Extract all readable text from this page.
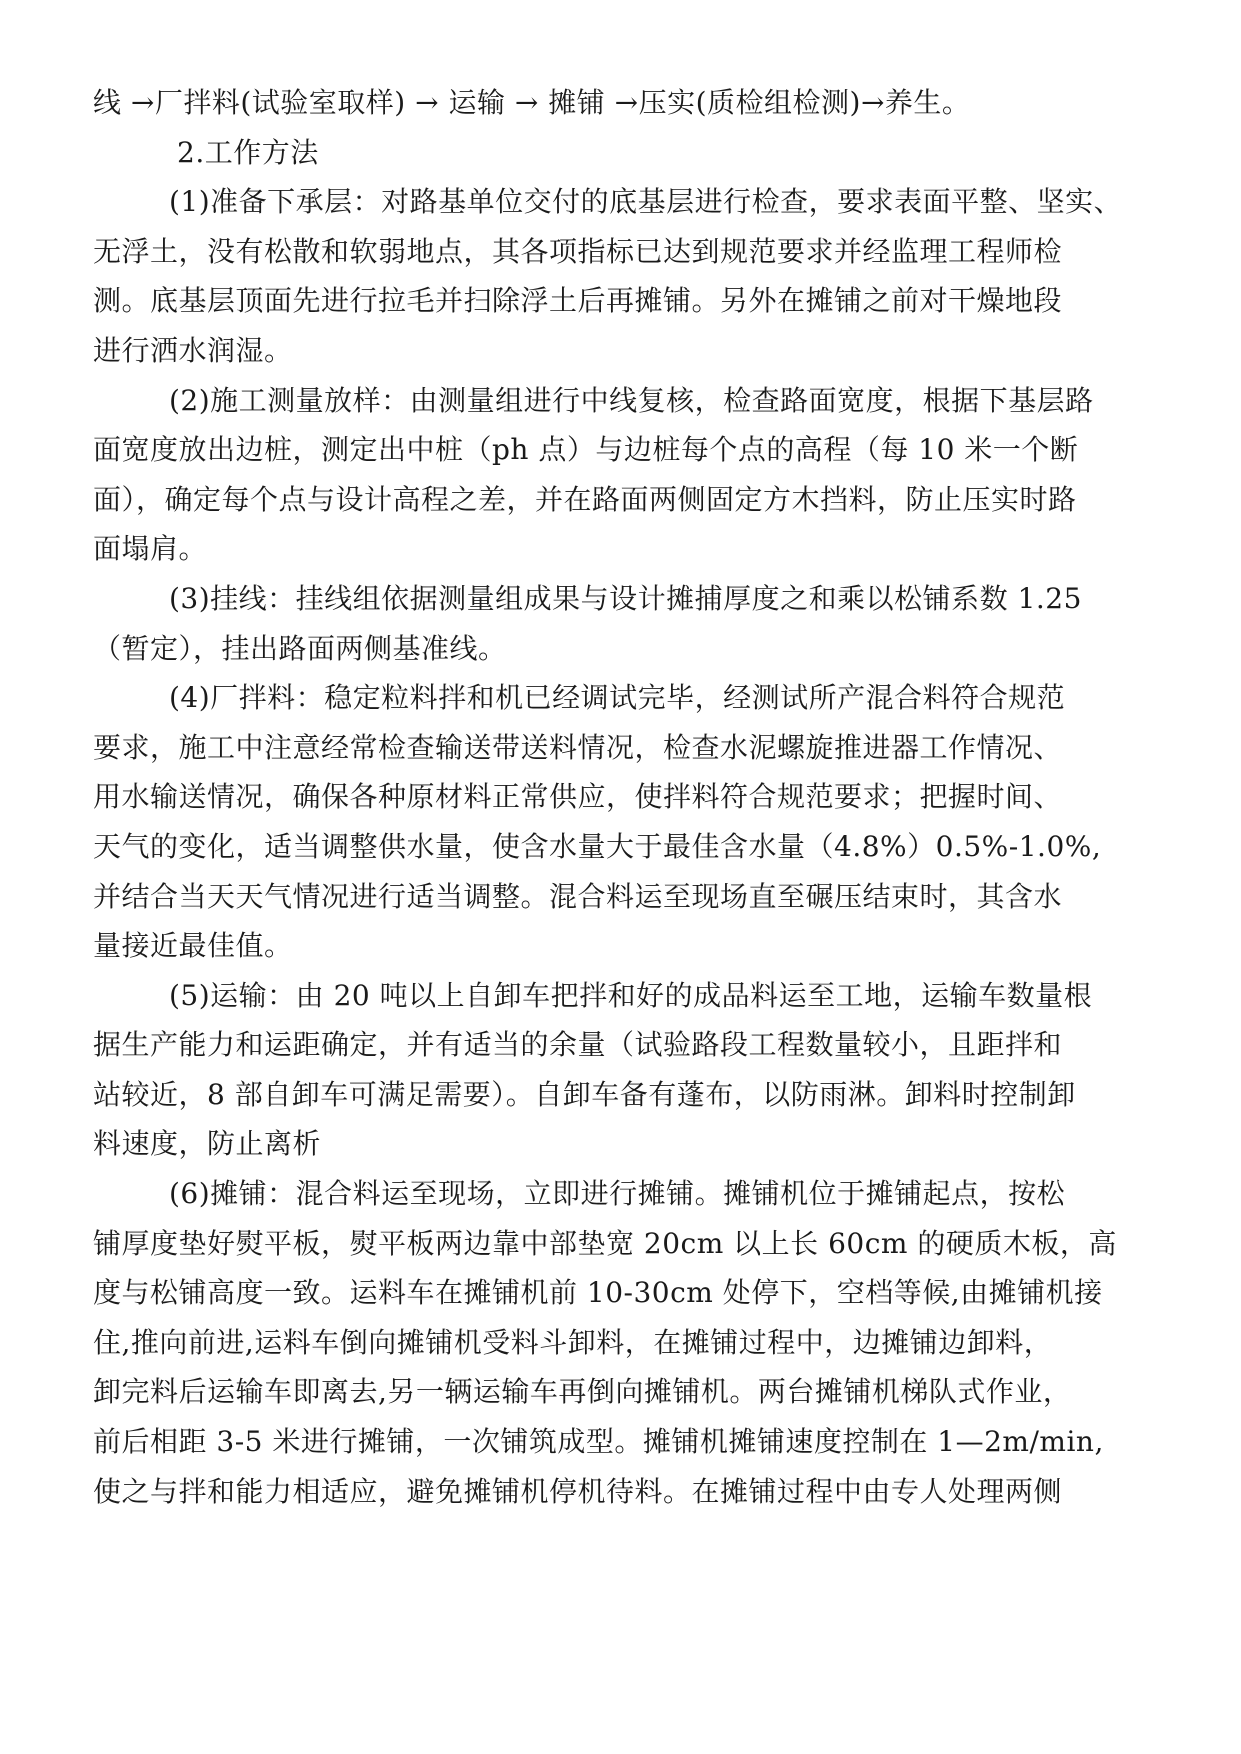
线 →厂拌料(试验室取样) → 运输 → 摊铺 →压实(质检组检测)→养生。
2.工作方法
(1)准备下承层：对路基单位交付的底基层进行检查，要求表面平整、坚实、
无浮土，没有松散和软弱地点，其各项指标已达到规范要求并经监理工程师检
测。底基层顶面先进行拉毛并扫除浮土后再摊铺。另外在摊铺之前对干燥地段
进行洒水润湿。
(2)施工测量放样：由测量组进行中线复核，检查路面宽度，根据下基层路
面宽度放出边桩，测定出中桩（ph 点）与边桩每个点的高程（每 10 米一个断
面），确定每个点与设计高程之差，并在路面两侧固定方木挡料，防止压实时路
面塌肩。
(3)挂线：挂线组依据测量组成果与设计摊捕厚度之和乘以松铺系数 1.25
（暂定），挂出路面两侧基准线。
(4)厂拌料：稳定粒料拌和机已经调试完毕，经测试所产混合料符合规范
要求，施工中注意经常检查输送带送料情况，检查水泥螺旋推进器工作情况、
用水输送情况，确保各种原材料正常供应，使拌料符合规范要求；把握时间、
天气的变化，适当调整供水量，使含水量大于最佳含水量（4.8%）0.5%-1.0%,
并结合当天天气情况进行适当调整。混合料运至现场直至碾压结束时，其含水
量接近最佳值。
(5)运输：由 20 吨以上自卸车把拌和好的成品料运至工地，运输车数量根
据生产能力和运距确定，并有适当的余量（试验路段工程数量较小，且距拌和
站较近，8 部自卸车可满足需要）。自卸车备有蓬布，以防雨淋。卸料时控制卸
料速度，防止离析
(6)摊铺：混合料运至现场，立即进行摊铺。摊铺机位于摊铺起点，按松
铺厚度垫好熨平板，熨平板两边靠中部垫宽 20cm 以上长 60cm 的硬质木板，高
度与松铺高度一致。运料车在摊铺机前 10-30cm 处停下，空档等候,由摊铺机接
住,推向前进,运料车倒向摊铺机受料斗卸料，在摊铺过程中，边摊铺边卸料，
卸完料后运输车即离去,另一辆运输车再倒向摊铺机。两台摊铺机梯队式作业，
前后相距 3-5 米进行摊铺，一次铺筑成型。摊铺机摊铺速度控制在 1—2m/min,
使之与拌和能力相适应，避免摊铺机停机待料。在摊铺过程中由专人处理两侧
